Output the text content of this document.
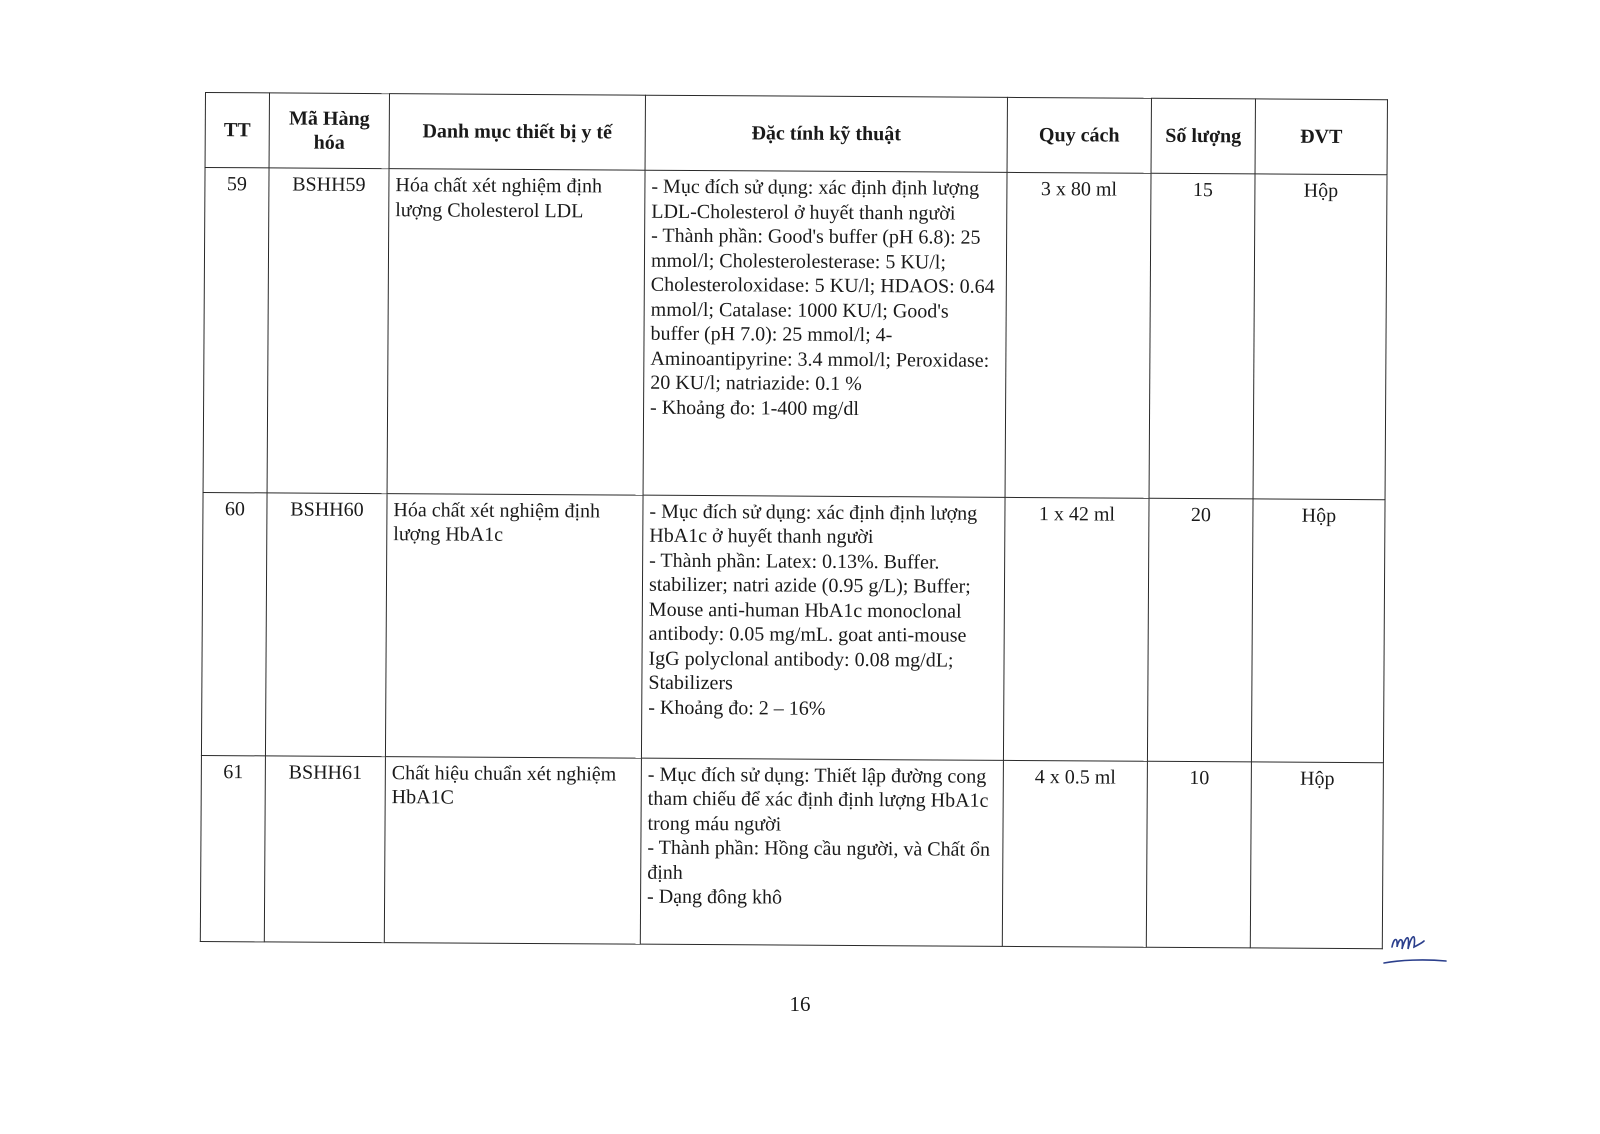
TT	Mã Hàng hóa	Danh mục thiết bị y tế	Đặc tính kỹ thuật	Quy cách	Số lượng	ĐVT
59	BSHH59	Hóa chất xét nghiệm định lượng Cholesterol LDL	- Mục đích sử dụng: xác định định lượng LDL-Cholesterol ở huyết thanh người
- Thành phần: Good's buffer (pH 6.8): 25 mmol/l; Cholesterolesterase: 5 KU/l; Cholesteroloxidase: 5 KU/l; HDAOS: 0.64 mmol/l; Catalase: 1000 KU/l; Good's buffer (pH 7.0): 25 mmol/l; 4-Aminoantipyrine: 3.4 mmol/l; Peroxidase: 20 KU/l; natriazide: 0.1 %
- Khoảng đo: 1-400 mg/dl	3 x 80 ml	15	Hộp
60	BSHH60	Hóa chất xét nghiệm định lượng HbA1c	- Mục đích sử dụng: xác định định lượng HbA1c ở huyết thanh người
- Thành phần: Latex: 0.13%. Buffer. stabilizer; natri azide (0.95 g/L); Buffer; Mouse anti-human HbA1c monoclonal antibody: 0.05 mg/mL. goat anti-mouse IgG polyclonal antibody: 0.08 mg/dL; Stabilizers
- Khoảng đo: 2 – 16%	1 x 42 ml	20	Hộp
61	BSHH61	Chất hiệu chuẩn xét nghiệm HbA1C	- Mục đích sử dụng: Thiết lập đường cong tham chiếu để xác định định lượng HbA1c trong máu người
- Thành phần: Hồng cầu người, và Chất ổn định
- Dạng đông khô	4 x 0.5 ml	10	Hộp
16
